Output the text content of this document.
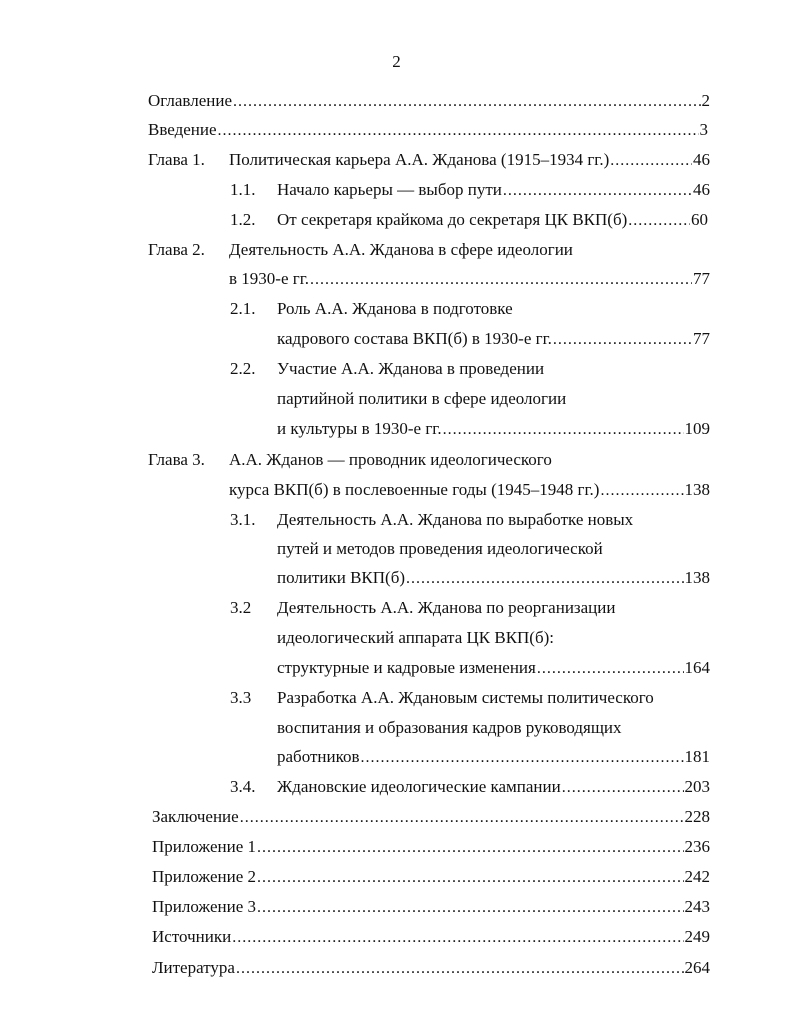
2
Оглавление .....	2
Введение .....	3
Глава 1.	Политическая карьера А.А. Жданова (1915–1934 гг.) .....	46
1.1.	Начало карьеры — выбор пути .....	46
1.2.	От секретаря крайкома до секретаря ЦК ВКП(б) .....	60
Глава 2.	Деятельность А.А. Жданова в сфере идеологии
в 1930-е гг. .....	77
2.1.	Роль А.А. Жданова в подготовке
кадрового состава ВКП(б) в 1930-е гг. .....	77
2.2.	Участие А.А. Жданова в проведении
партийной политики в сфере идеологии
и культуры в 1930-е гг. .....	109
Глава 3.	А.А. Жданов — проводник идеологического
курса ВКП(б) в послевоенные годы (1945–1948 гг.) .....	138
3.1.	Деятельность А.А. Жданова по выработке новых
путей и методов проведения идеологической
политики ВКП(б) .....	138
3.2	Деятельность А.А. Жданова по реорганизации
идеологический аппарата ЦК ВКП(б):
структурные и кадровые изменения .....	164
3.3	Разработка А.А. Ждановым системы политического
воспитания и образования кадров руководящих
работников .....	181
3.4.	Ждановские идеологические кампании .....	203
Заключение .....	228
Приложение 1 .....	236
Приложение 2 .....	242
Приложение 3 .....	243
Источники .....	249
Литература .....	264
